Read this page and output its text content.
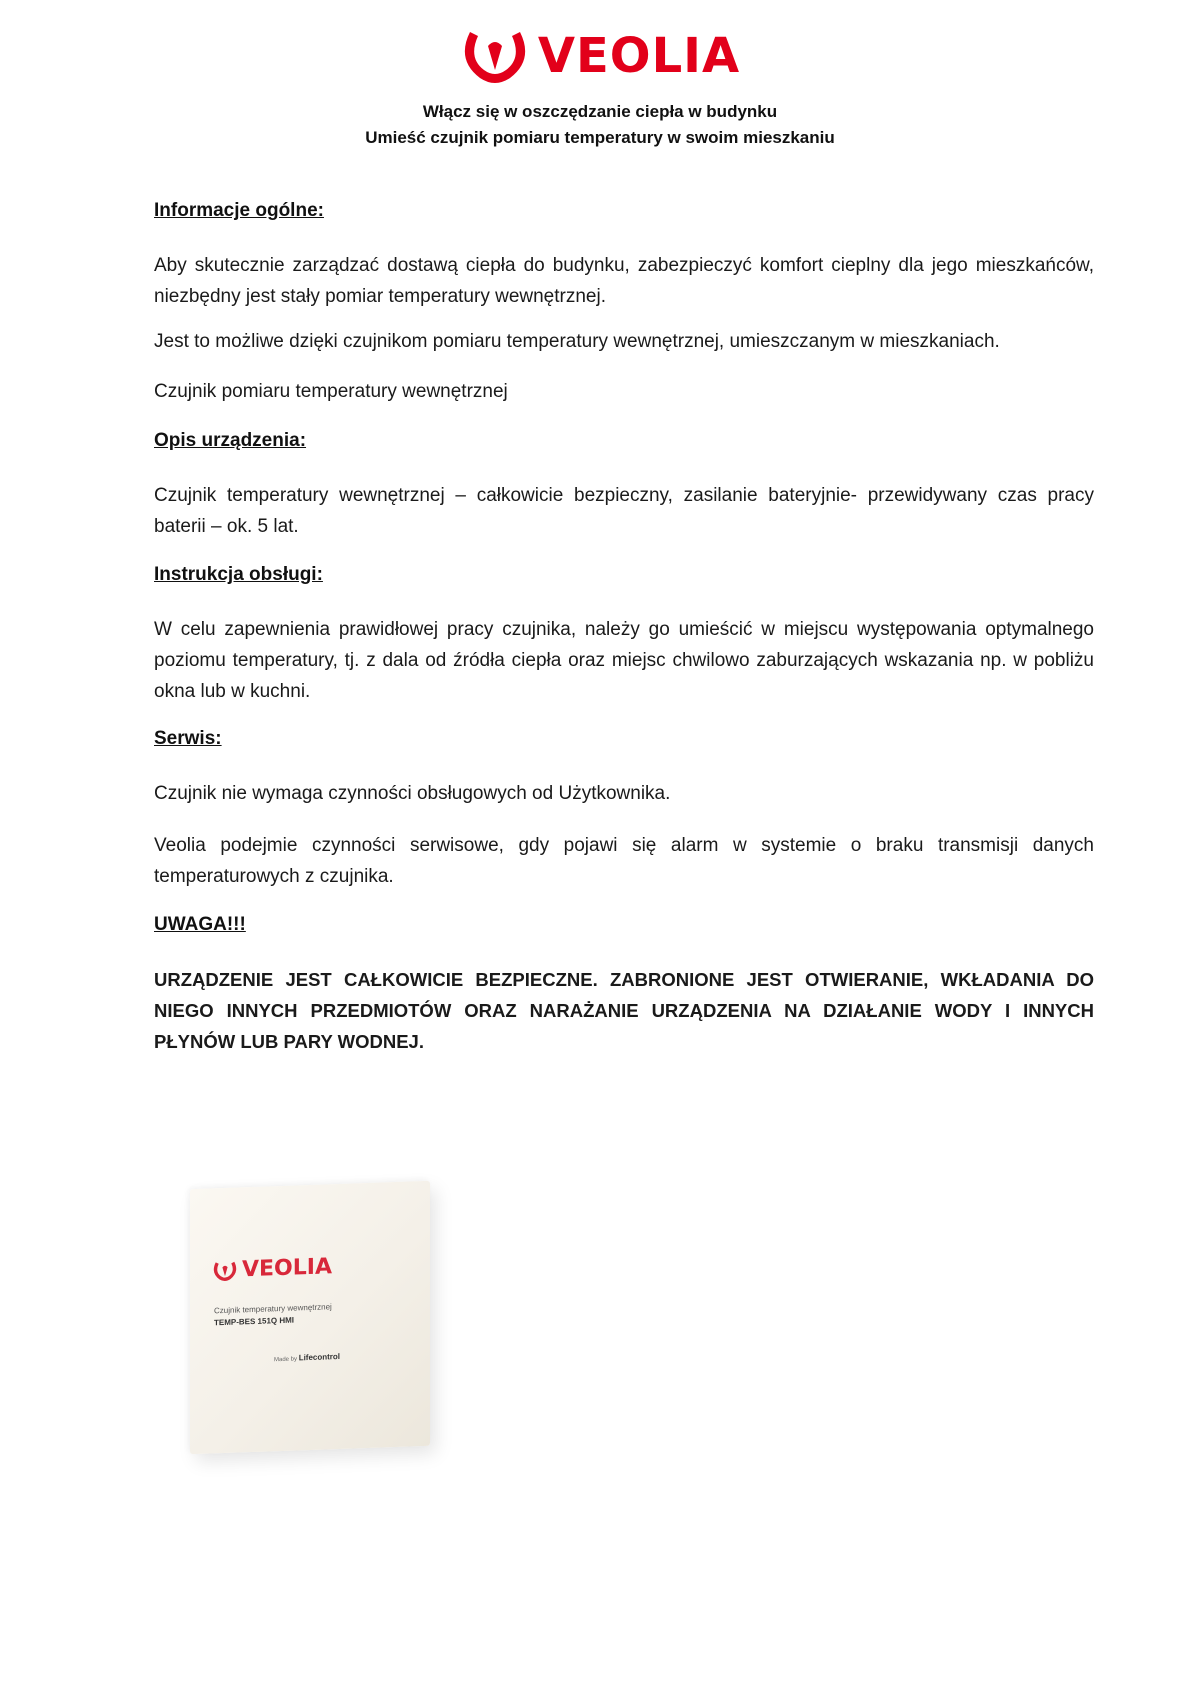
VEOLIA
Włącz się w oszczędzanie ciepła w budynku
Umieść czujnik pomiaru temperatury w swoim mieszkaniu
Informacje ogólne:
Aby skutecznie zarządzać dostawą ciepła do budynku, zabezpieczyć komfort cieplny dla jego mieszkańców, niezbędny jest stały pomiar temperatury wewnętrznej.
Jest to możliwe dzięki czujnikom pomiaru temperatury wewnętrznej, umieszczanym w mieszkaniach.
Czujnik pomiaru temperatury wewnętrznej
Opis urządzenia:
Czujnik temperatury wewnętrznej – całkowicie bezpieczny, zasilanie bateryjnie- przewidywany czas pracy baterii – ok. 5 lat.
Instrukcja obsługi:
W celu zapewnienia prawidłowej pracy czujnika, należy go umieścić w miejscu występowania optymalnego poziomu temperatury, tj. z dala od źródła ciepła oraz miejsc chwilowo zaburzających wskazania np. w pobliżu okna lub w kuchni.
Serwis:
Czujnik nie wymaga czynności obsługowych od Użytkownika.
Veolia podejmie czynności serwisowe, gdy pojawi się alarm w systemie o braku transmisji danych temperaturowych z czujnika.
UWAGA!!!
URZĄDZENIE JEST CAŁKOWICIE BEZPIECZNE. ZABRONIONE JEST OTWIERANIE, WKŁADANIA DO NIEGO INNYCH PRZEDMIOTÓW ORAZ NARAŻANIE URZĄDZENIA NA DZIAŁANIE WODY I INNYCH PŁYNÓW LUB PARY WODNEJ.
VEOLIA
Czujnik temperatury wewnętrznej
TEMP-BES 151Q HMI
Made by Lifecontrol
